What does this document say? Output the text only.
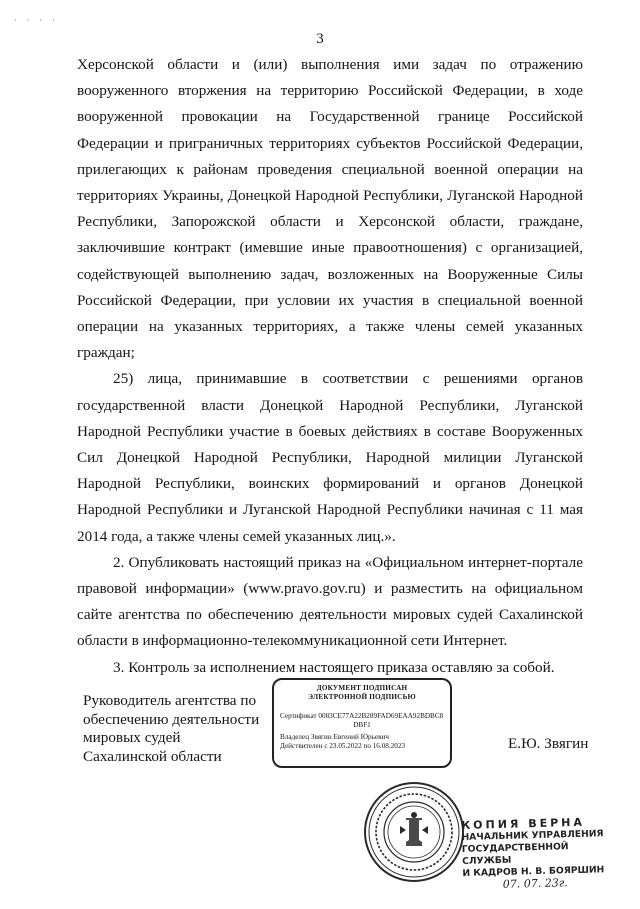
· · · ·
3

Херсонской области и (или) выполнения ими задач по отражению вооруженного вторжения на территорию Российской Федерации, в ходе вооруженной провокации на Государственной границе Российской Федерации и приграничных территориях субъектов Российской Федерации, прилегающих к районам проведения специальной военной операции на территориях Украины, Донецкой Народной Республики, Луганской Народной Республики, Запорожской области и Херсонской области, граждане, заключившие контракт (имевшие иные правоотношения) с организацией, содействующей выполнению задач, возложенных на Вооруженные Силы Российской Федерации, при условии их участия в специальной военной операции на указанных территориях, а также члены семей указанных граждан;

25) лица, принимавшие в соответствии с решениями органов государственной власти Донецкой Народной Республики, Луганской Народной Республики участие в боевых действиях в составе Вооруженных Сил Донецкой Народной Республики, Народной милиции Луганской Народной Республики, воинских формирований и органов Донецкой Народной Республики и Луганской Народной Республики начиная с 11 мая 2014 года, а также члены семей указанных лиц.».

2. Опубликовать настоящий приказ на «Официальном интернет-портале правовой информации» (www.pravo.gov.ru) и разместить на официальном сайте агентства по обеспечению деятельности мировых судей Сахалинской области в информационно-телекоммуникационной сети Интернет.

3. Контроль за исполнением настоящего приказа оставляю за собой.

Руководитель агентства по
обеспечению деятельности
мировых судей
Сахалинской области
ДОКУМЕНТ ПОДПИСАН
ЭЛЕКТРОННОЙ ПОДПИСЬЮ
Сертификат 0083CE77A22B289FAD69EAA92BDBC8
DBF1
Владелец Звягин Евгений Юрьевич
Действителен с 23.05.2022 по 16.08.2023	Е.Ю. Звягин
КОПИЯ ВЕРНА
НАЧАЛЬНИК УПРАВЛЕНИЯ
ГОСУДАРСТВЕННОЙ СЛУЖБЫ
И КАДРОВ Н. В. БОЯРШИН
07. 07. 23г.
